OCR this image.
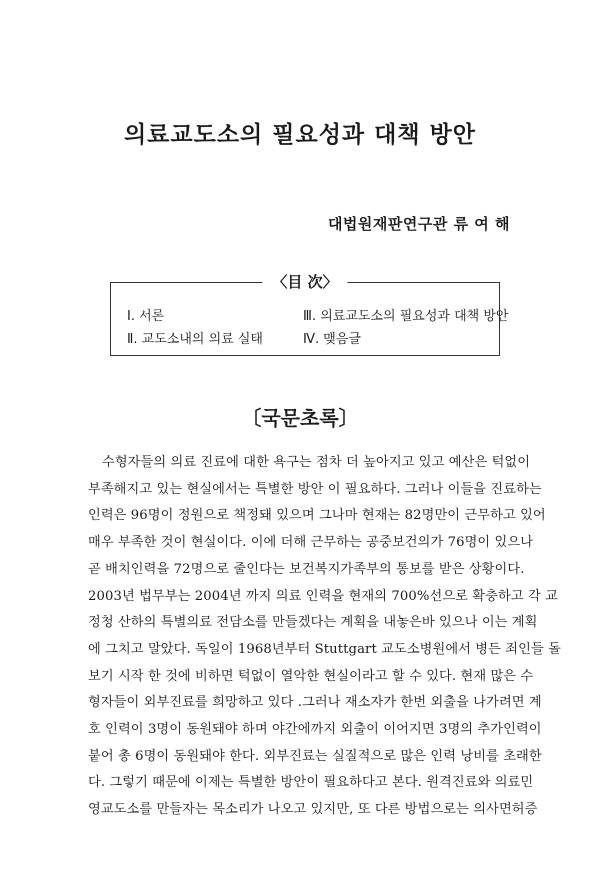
의료교도소의 필요성과 대책 방안
대법원재판연구관 류 여 해
〈目 次〉
Ⅰ. 서론	Ⅲ. 의료교도소의 필요성과 대책 방안
Ⅱ. 교도소내의 의료 실태	Ⅳ. 맺음글
〔국문초록〕
수형자들의 의료 진료에 대한 욕구는 점차 더 높아지고 있고 예산은 턱없이
부족해지고 있는 현실에서는 특별한 방안 이 필요하다. 그러나 이들을 진료하는
인력은 96명이 정원으로 책정돼 있으며 그나마 현재는 82명만이 근무하고 있어
매우 부족한 것이 현실이다. 이에 더해 근무하는 공중보건의가 76명이 있으나
곧 배치인력을 72명으로 줄인다는 보건복지가족부의 통보를 받은 상황이다.
2003년 법무부는 2004년 까지 의료 인력을 현재의 700%선으로 확충하고 각 교
정청 산하의 특별의료 전담소를 만들겠다는 계획을 내놓은바 있으나 이는 계획
에 그치고 말았다. 독일이 1968년부터 Stuttgart 교도소병원에서 병든 죄인들 돌
보기 시작 한 것에 비하면 턱없이 열악한 현실이라고 할 수 있다. 현재 많은 수
형자들이 외부진료를 희망하고 있다 .그러나 재소자가 한번 외출을 나가려면 계
호 인력이 3명이 동원돼야 하며 야간에까지 외출이 이어지면 3명의 추가인력이
붙어 총 6명이 동원돼야 한다. 외부진료는 실질적으로 많은 인력 낭비를 초래한
다. 그렇기 때문에 이제는 특별한 방안이 필요하다고 본다. 원격진료와 의료민
영교도소를 만들자는 목소리가 나오고 있지만, 또 다른 방법으로는 의사면허증
